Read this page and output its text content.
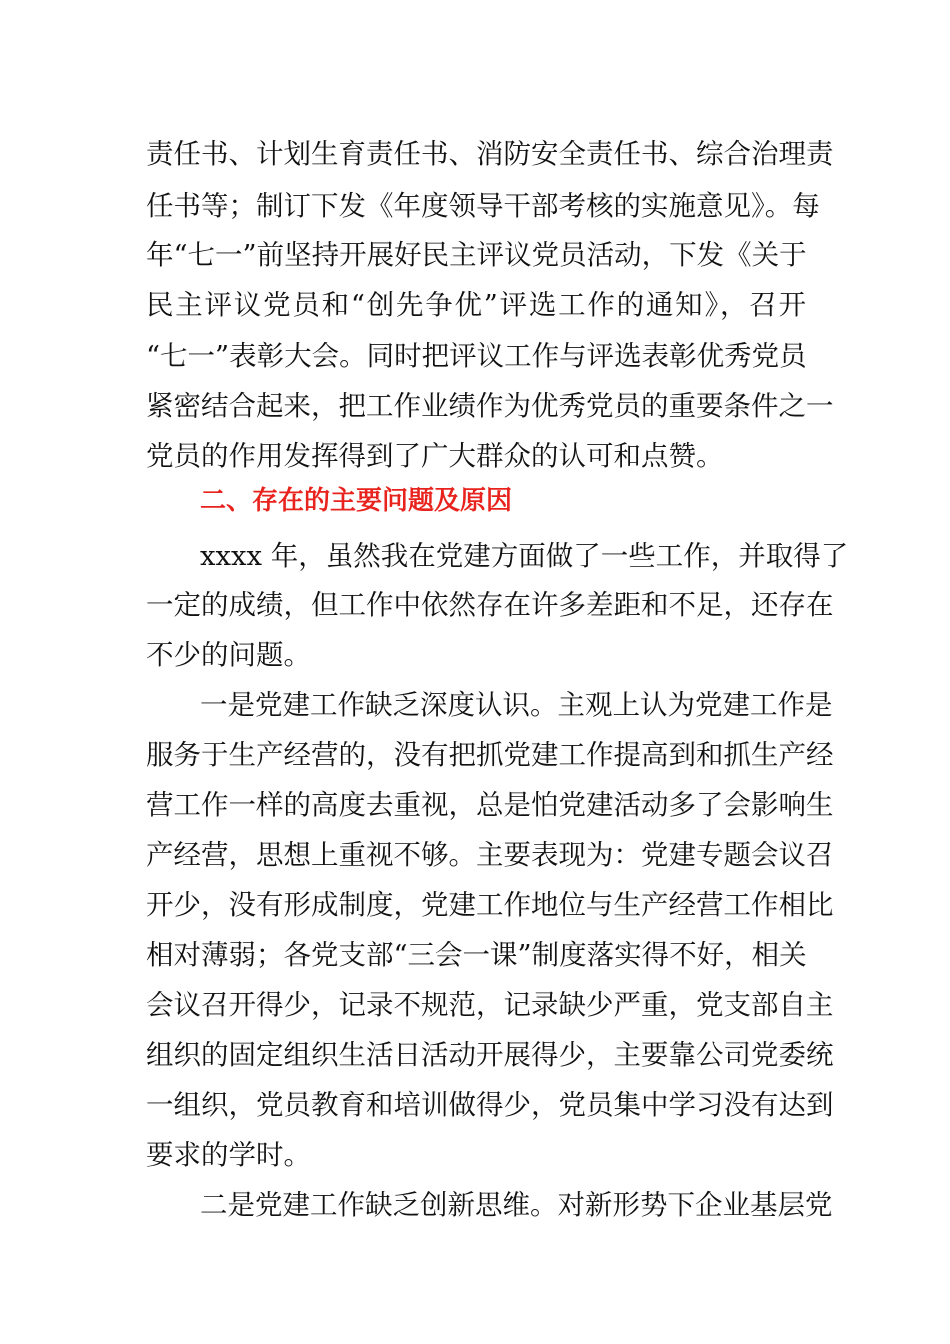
责任书、计划生育责任书、消防安全责任书、综合治理责
任书等；制订下发《年度领导干部考核的实施意见》。每
年“七一”前坚持开展好民主评议党员活动，下发《关于
民主评议党员和“创先争优”评选工作的通知》，召开
“七一”表彰大会。同时把评议工作与评选表彰优秀党员
紧密结合起来，把工作业绩作为优秀党员的重要条件之一
党员的作用发挥得到了广大群众的认可和点赞。
二、存在的主要问题及原因
xxxx 年，虽然我在党建方面做了一些工作，并取得了
一定的成绩，但工作中依然存在许多差距和不足，还存在
不少的问题。
一是党建工作缺乏深度认识。主观上认为党建工作是
服务于生产经营的，没有把抓党建工作提高到和抓生产经
营工作一样的高度去重视，总是怕党建活动多了会影响生
产经营，思想上重视不够。主要表现为：党建专题会议召
开少，没有形成制度，党建工作地位与生产经营工作相比
相对薄弱；各党支部“三会一课”制度落实得不好，相关
会议召开得少，记录不规范，记录缺少严重，党支部自主
组织的固定组织生活日活动开展得少，主要靠公司党委统
一组织，党员教育和培训做得少，党员集中学习没有达到
要求的学时。
二是党建工作缺乏创新思维。对新形势下企业基层党
